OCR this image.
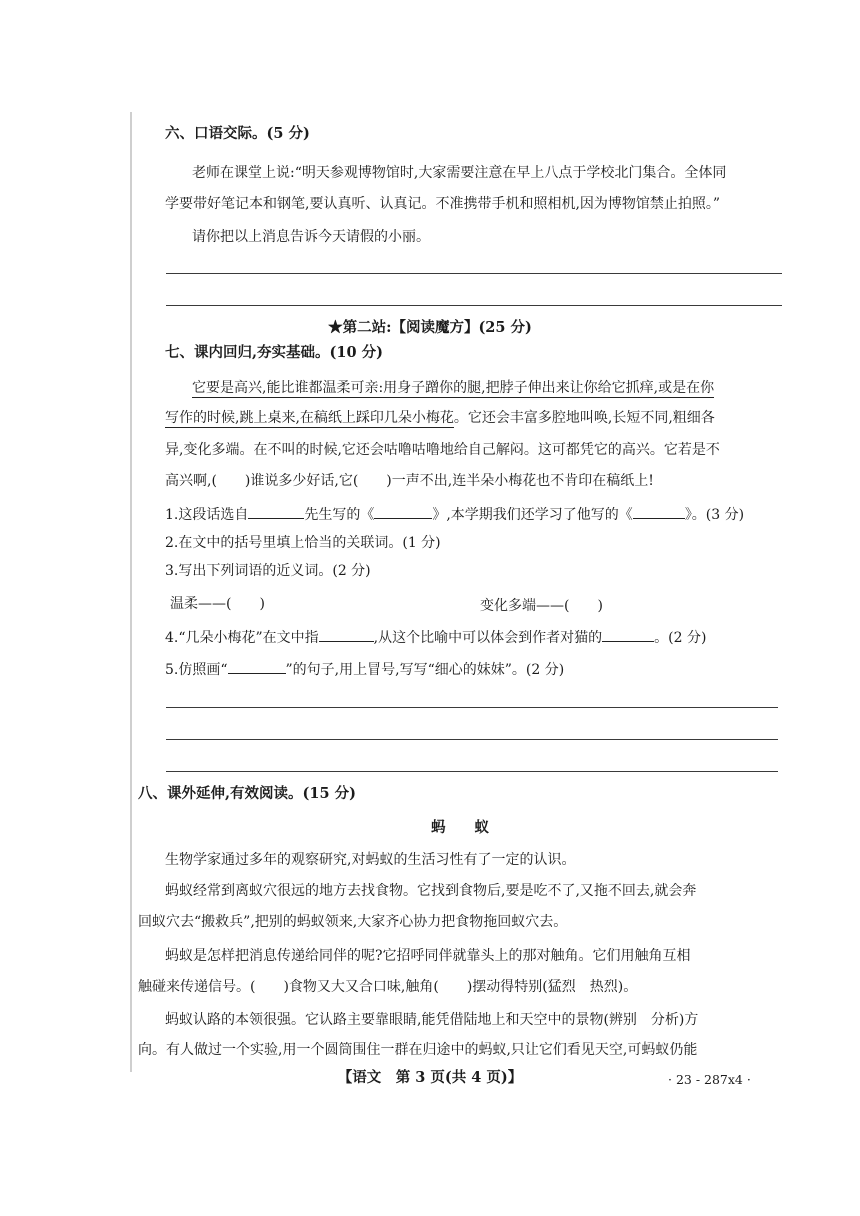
六、口语交际。(5 分)
老师在课堂上说:“明天参观博物馆时,大家需要注意在早上八点于学校北门集合。全体同
学要带好笔记本和钢笔,要认真听、认真记。不准携带手机和照相机,因为博物馆禁止拍照。”
请你把以上消息告诉今天请假的小丽。
★第二站:【阅读魔方】(25 分)
七、课内回归,夯实基础。(10 分)
它要是高兴,能比谁都温柔可亲:用身子蹭你的腿,把脖子伸出来让你给它抓痒,或是在你
写作的时候,跳上桌来,在稿纸上踩印几朵小梅花。它还会丰富多腔地叫唤,长短不同,粗细各
异,变化多端。在不叫的时候,它还会咕噜咕噜地给自己解闷。这可都凭它的高兴。它若是不
高兴啊,(　　)谁说多少好话,它(　　)一声不出,连半朵小梅花也不肯印在稿纸上!
1.这段话选自	先生写的《	》,本学期我们还学习了他写的《	》。(3 分)
2.在文中的括号里填上恰当的关联词。(1 分)
3.写出下列词语的近义词。(2 分)
温柔——(　　)	变化多端——(　　)
4.“几朵小梅花”在文中指	,从这个比喻中可以体会到作者对猫的	。(2 分)
5.仿照画“	”的句子,用上冒号,写写“细心的妹妹”。(2 分)
八、课外延伸,有效阅读。(15 分)
蚂　　蚁
生物学家通过多年的观察研究,对蚂蚁的生活习性有了一定的认识。
蚂蚁经常到离蚁穴很远的地方去找食物。它找到食物后,要是吃不了,又拖不回去,就会奔
回蚁穴去“搬救兵”,把别的蚂蚁领来,大家齐心协力把食物拖回蚁穴去。
蚂蚁是怎样把消息传递给同伴的呢?它招呼同伴就靠头上的那对触角。它们用触角互相
触碰来传递信号。(　　)食物又大又合口味,触角(　　)摆动得特别(猛烈　热烈)。
蚂蚁认路的本领很强。它认路主要靠眼睛,能凭借陆地上和天空中的景物(辨别　分析)方
向。有人做过一个实验,用一个圆筒围住一群在归途中的蚂蚁,只让它们看见天空,可蚂蚁仍能
【语文　第 3 页(共 4 页)】	· 23 - 287x4 ·
